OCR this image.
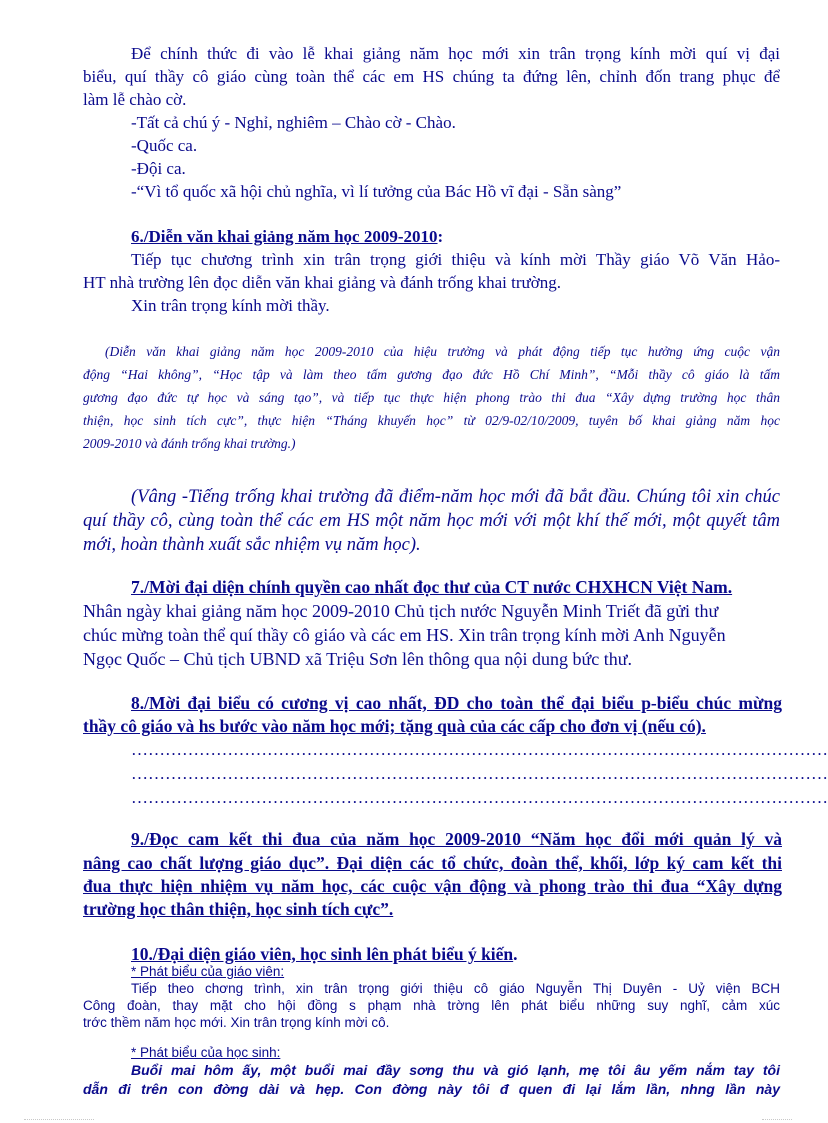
Để chính thức đi vào lễ khai giảng năm học mới xin trân trọng kính mời quí vị đại
biểu, quí thầy cô giáo cùng toàn thể các em HS chúng ta đứng lên, chỉnh đốn trang phục để
làm lễ chào cờ.
-Tất cả chú ý - Nghỉ, nghiêm – Chào cờ - Chào.
-Quốc ca.
-Đội ca.
-“Vì tổ quốc xã hội chủ nghĩa, vì lí tưởng của Bác Hồ vĩ đại - Sẵn sàng”
6./Diễn văn khai giảng năm học 2009-2010:
Tiếp tục chương trình xin trân trọng giới thiệu và kính mời Thầy giáo Võ Văn Hảo-
HT nhà trường lên đọc diễn văn khai giảng và đánh trống khai trường.
Xin trân trọng kính mời thầy.
(Diễn văn khai giảng năm học 2009-2010 của hiệu trưởng và phát động tiếp tục hưởng ứng cuộc vận
động “Hai không”, “Học tập và làm theo tấm gương đạo đức Hồ Chí Minh”, “Mỗi thầy cô giáo là tấm
gương đạo đức tự học và sáng tạo”, và tiếp tục thực hiện phong trào thi đua “Xây dựng trường học thân
thiện, học sinh tích cực”, thực hiện “Tháng khuyến học” từ 02/9-02/10/2009, tuyên bố khai giảng năm học
2009-2010 và đánh trống khai trường.)
(Vâng -Tiếng trống khai trường đã điểm-năm học mới đã bắt đầu. Chúng tôi xin chúc
quí thầy cô, cùng toàn thể các em HS một năm học mới với một khí thế mới, một quyết tâm
mới, hoàn thành xuất sắc nhiệm vụ năm học).
7./Mời đại diện chính quyền cao nhất đọc thư của CT nước CHXHCN Việt Nam.
Nhân ngày khai giảng năm học 2009-2010 Chủ tịch nước Nguyễn Minh Triết đã gửi thư
chúc mừng toàn thể quí thầy cô giáo và các em HS. Xin trân trọng kính mời Anh Nguyễn
Ngọc Quốc – Chủ tịch UBND xã Triệu Sơn lên thông qua nội dung bức thư.
8./Mời đại biểu có cương vị cao nhất, ĐD cho toàn thể đại biểu p-biểu chúc mừng
thầy cô giáo và hs bước vào năm học mới; tặng quà của các cấp cho đơn vị (nếu có).
……………………………………………………………………………………………………………
……………………………………………………………………………………………………………
……………………………………………………………………………………………………………
9./Đọc cam kết thi đua của năm học 2009-2010 “Năm học đổi mới quản lý và
nâng cao chất lượng giáo dục”. Đại diện các tổ chức, đoàn thể, khối, lớp ký cam kết thi
đua thực hiện nhiệm vụ năm học, các cuộc vận động và phong trào thi đua “Xây dựng
trường học thân thiện, học sinh tích cực”.
10./Đại diện giáo viên, học sinh lên phát biểu ý kiến.
* Phát biểu của giáo viên:
Tiếp theo chơng trình, xin trân trọng giới thiệu cô giáo Nguyễn Thị Duyên - Uỷ viện BCH
Công đoàn, thay mặt cho hội đồng s phạm nhà trờng lên phát biểu những suy nghĩ, cảm xúc
trớc thềm năm học mới. Xin trân trọng kính mời cô.
* Phát biểu của học sinh:
Buổi mai hôm ấy, một buổi mai đầy sơng thu và gió lạnh, mẹ tôi âu yếm nắm tay tôi
dẫn đi trên con đờng dài và hẹp. Con đờng này tôi đ quen đi lại lắm lần, nhng lần này
